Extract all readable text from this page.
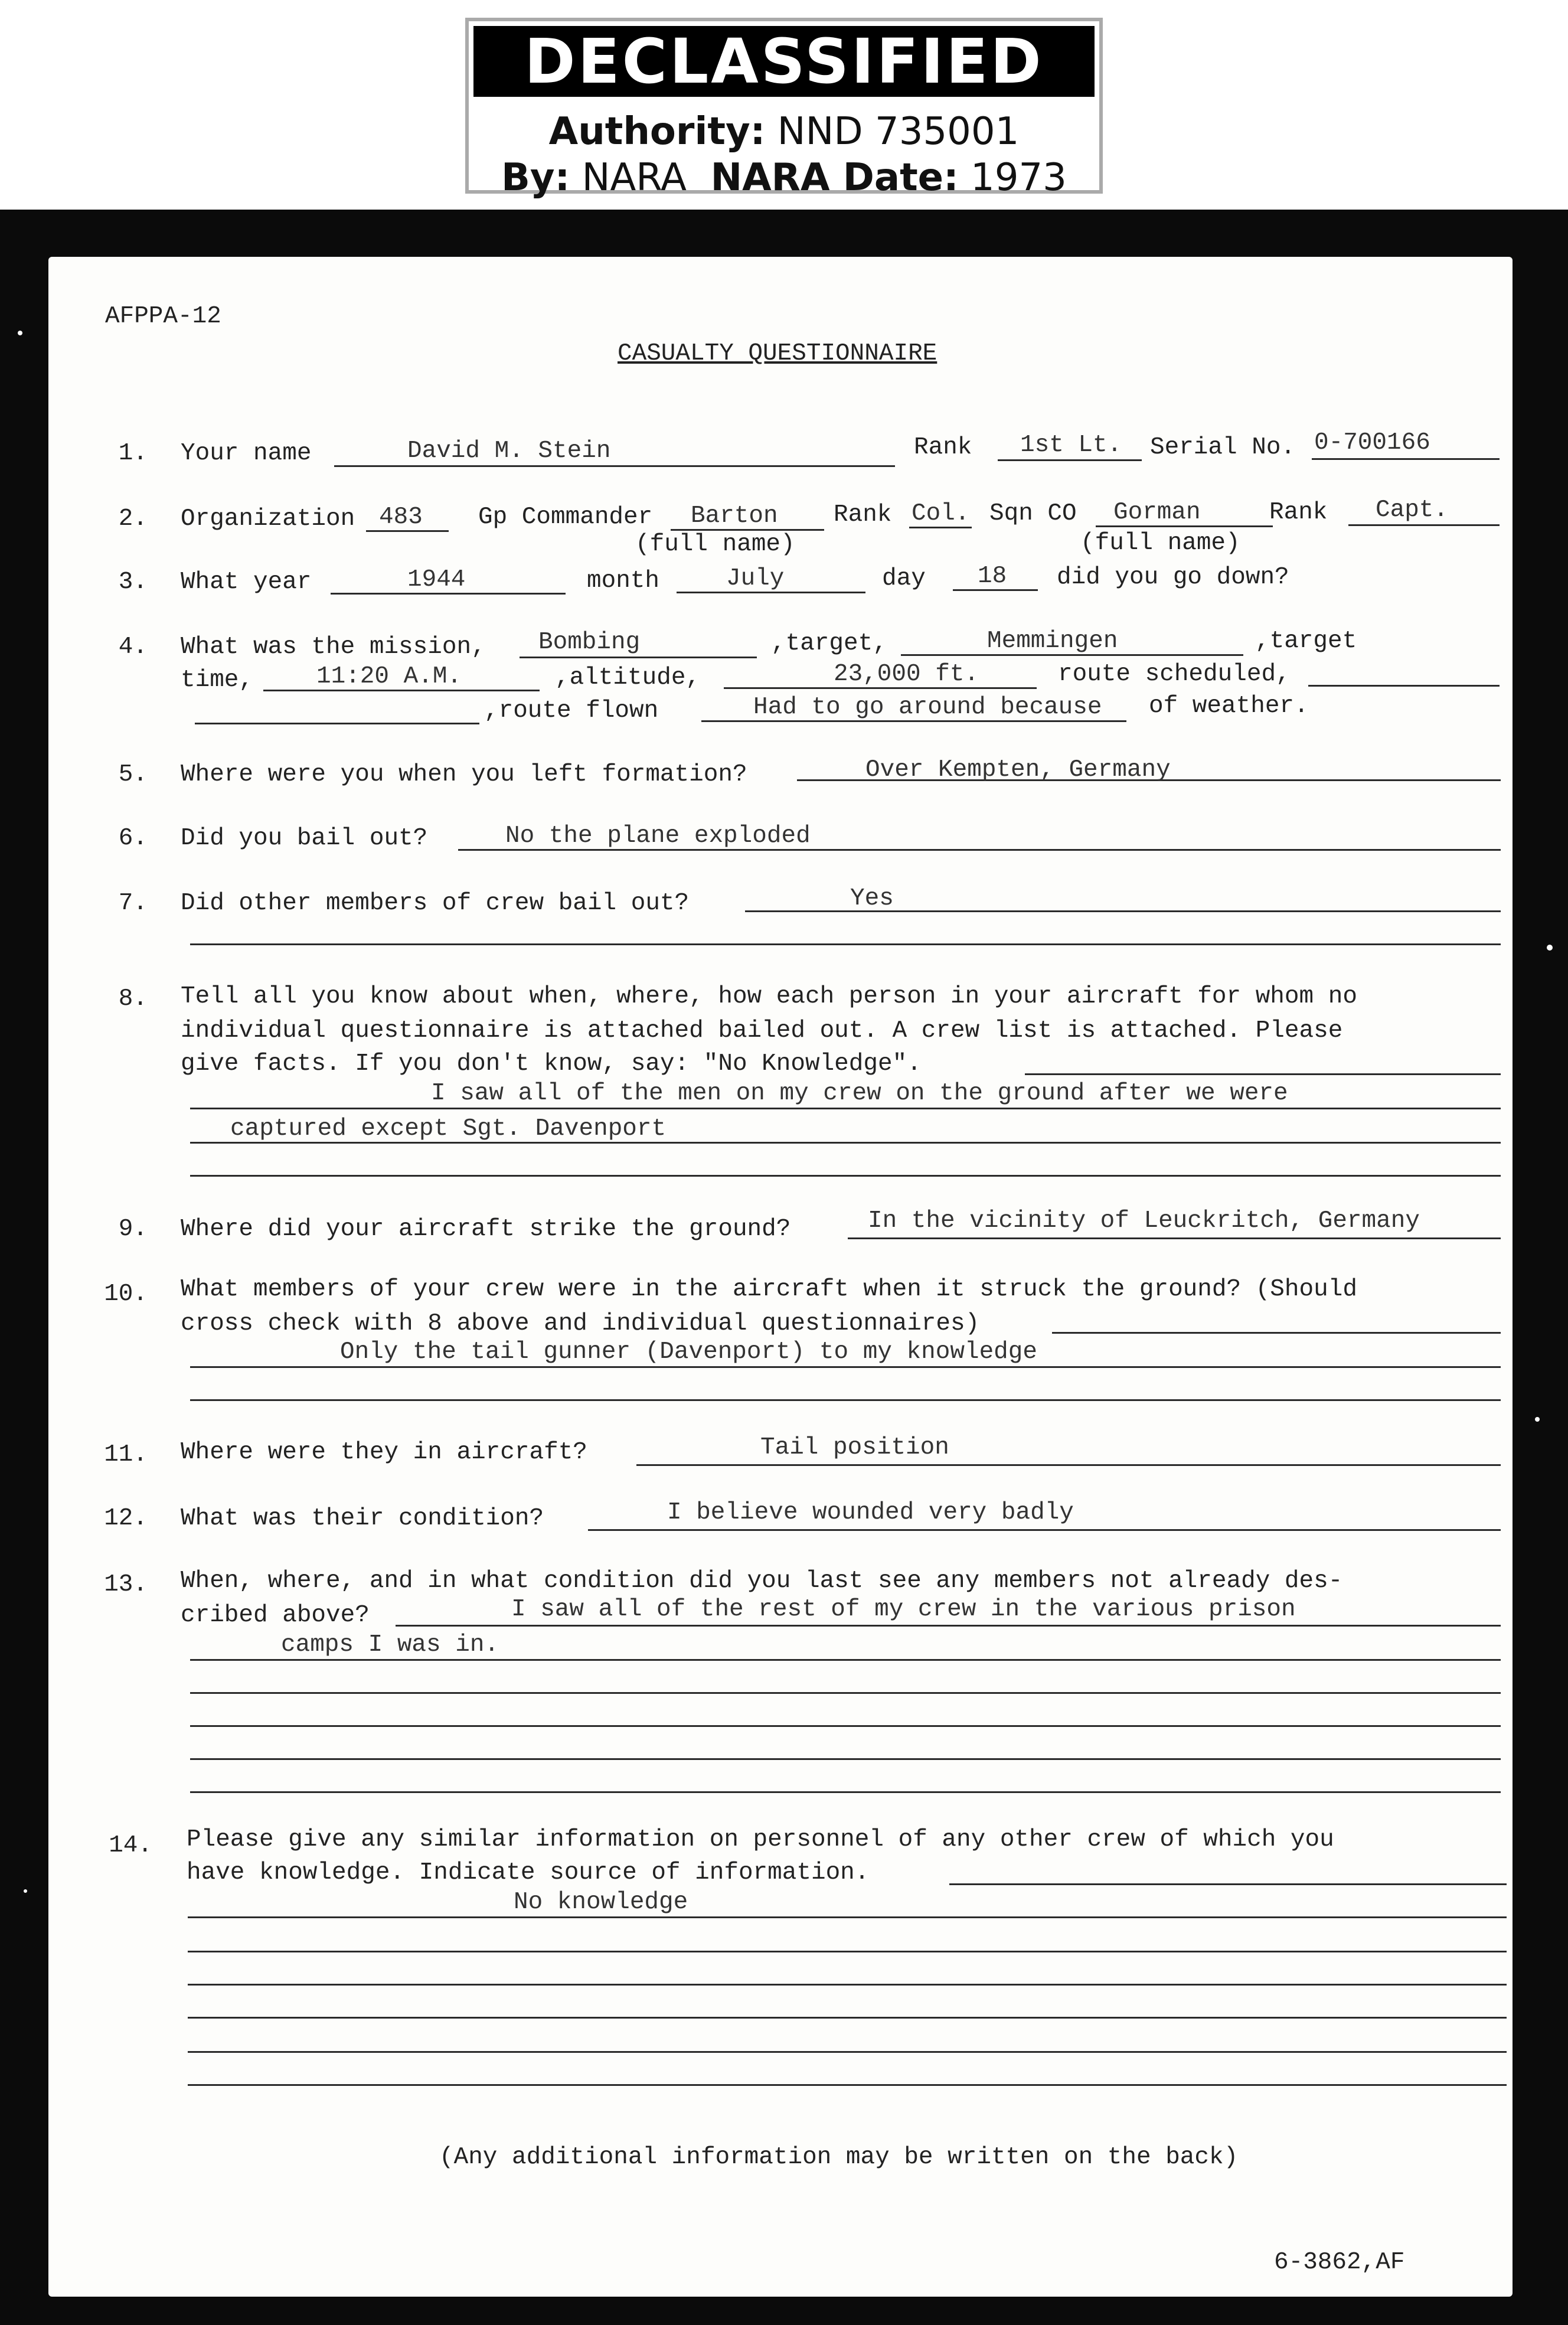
DECLASSIFIED
Authority: NND 735001
By: NARA NARA Date: 1973
AFPPA-12
CASUALTY QUESTIONNAIRE
1. Your name	David M. Stein	Rank 1st Lt. Serial No. 0-700166
2. Organization 483 Gp Commander Barton Rank Col. Sqn CO Gorman	Rank Capt.
(full name)	(full name)
3. What year	1944	month	July	day 18 did you go down?
4. What was the mission, Bombing	,target,	Memmingen	,target
time,	11:20 A.M.	,altitude,	23,000 ft.	route scheduled,
,route flown	Had to go around because of weather.
5. Where were you when you left formation?	Over Kempten, Germany
6. Did you bail out?	No the plane exploded
7. Did other members of crew bail out?	Yes
8. Tell all you know about when, where, how each person in your aircraft for whom no
individual questionnaire is attached bailed out. A crew list is attached. Please
give facts. If you don't know, say: "No Knowledge".
I saw all of the men on my crew on the ground after we were
captured except Sgt. Davenport
9. Where did your aircraft strike the ground?	In the vicinity of Leuckritch, Germany
10. What members of your crew were in the aircraft when it struck the ground? (Should
cross check with 8 above and individual questionnaires)
Only the tail gunner (Davenport) to my knowledge
11. Where were they in aircraft?	Tail position
12. What was their condition?	I believe wounded very badly
13. When, where, and in what condition did you last see any members not already des-
cribed above?	I saw all of the rest of my crew in the various prison
camps I was in.
14. Please give any similar information on personnel of any other crew of which you
have knowledge. Indicate source of information.
No knowledge
(Any additional information may be written on the back)
6-3862,AF
